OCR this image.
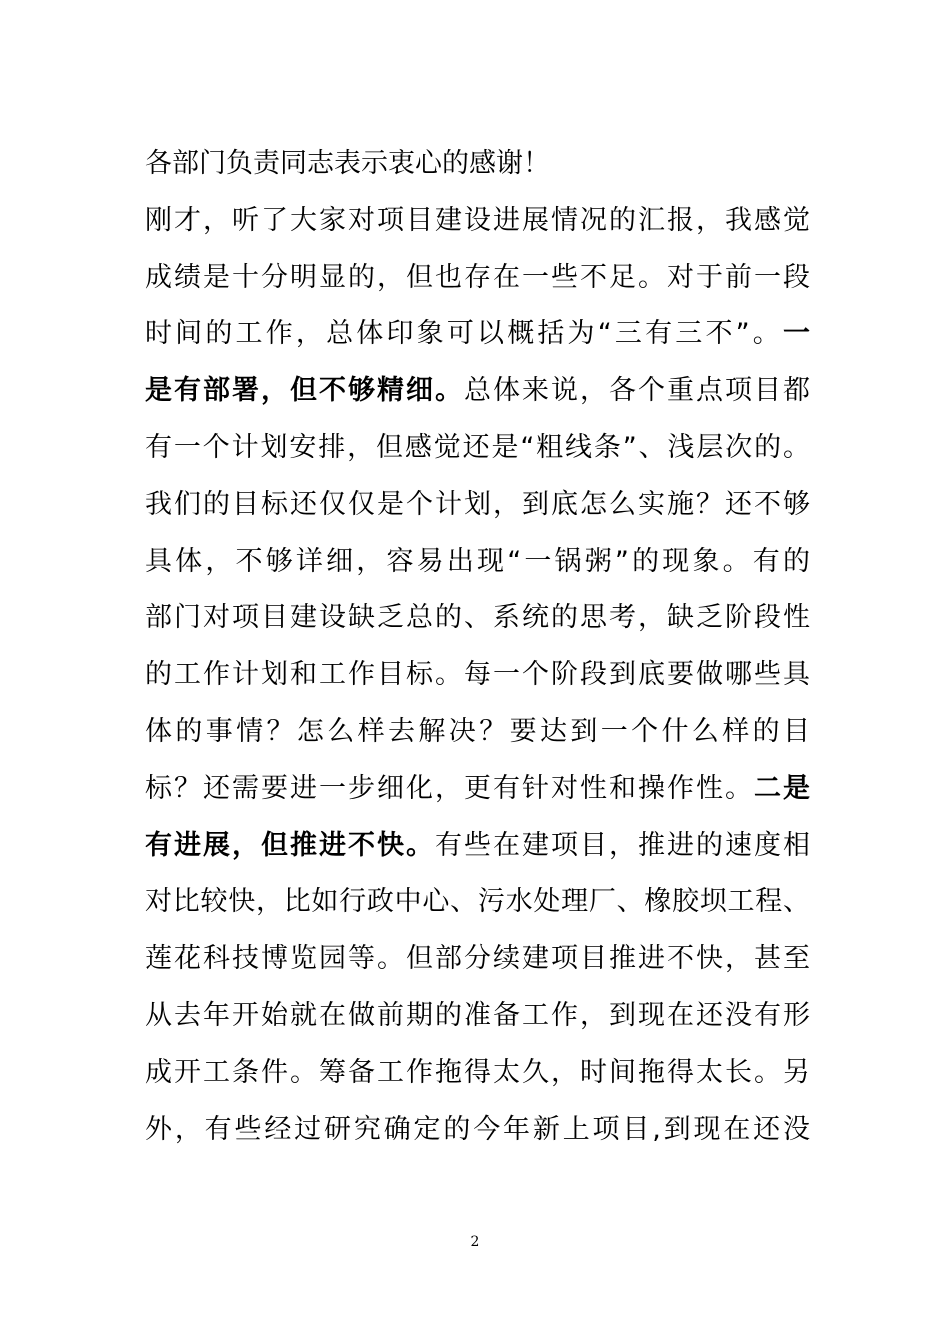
各部门负责同志表示衷心的感谢！
刚才，听了大家对项目建设进展情况的汇报，我感觉
成绩是十分明显的，但也存在一些不足。对于前一段
时间的工作，总体印象可以概括为“三有三不”。一
是有部署，但不够精细。总体来说，各个重点项目都
有一个计划安排，但感觉还是“粗线条”、浅层次的。
我们的目标还仅仅是个计划，到底怎么实施？还不够
具体，不够详细，容易出现“一锅粥”的现象。有的
部门对项目建设缺乏总的、系统的思考，缺乏阶段性
的工作计划和工作目标。每一个阶段到底要做哪些具
体的事情？怎么样去解决？要达到一个什么样的目
标？还需要进一步细化，更有针对性和操作性。二是
有进展，但推进不快。有些在建项目，推进的速度相
对比较快，比如行政中心、污水处理厂、橡胶坝工程、
莲花科技博览园等。但部分续建项目推进不快，甚至
从去年开始就在做前期的准备工作，到现在还没有形
成开工条件。筹备工作拖得太久，时间拖得太长。另
外，有些经过研究确定的今年新上项目,到现在还没
2
